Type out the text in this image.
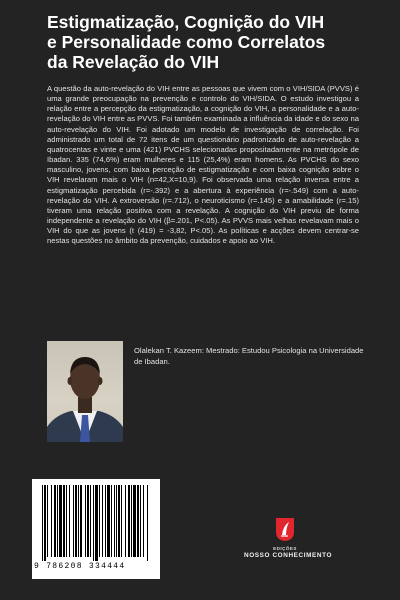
Estigmatização, Cognição do VIH
e Personalidade como Correlatos
da Revelação do VIH

A questão da auto-revelação do VIH entre as pessoas que vivem com o VIH/SIDA (PVVS) é uma grande preocupação na prevenção e controlo do VIH/SIDA. O estudo investigou a relação entre a percepção da estigmatização, a cognição do VIH, a personalidade e a auto-revelação do VIH entre as PVVS. Foi também examinada a influência da idade e do sexo na auto-revelação do VIH. Foi adotado um modelo de investigação de correlação. Foi administrado um total de 72 itens de um questionário padronizado de auto-revelação a quatrocentas e vinte e uma (421) PVCHS selecionadas propositadamente na metrópole de Ibadan. 335 (74,6%) eram mulheres e 115 (25,4%) eram homens. As PVCHS do sexo masculino, jovens, com baixa perceção de estigmatização e com baixa cognição sobre o VIH revelaram mais o VIH (n=42,X=10,9). Foi observada uma relação inversa entre a estigmatização percebida (r=-.392) e a abertura à experiência (r=-.549) com a auto-revelação do VIH. A extroversão (r=.712), o neuroticismo (r=.145) e a amabilidade (r=.15) tiveram uma relação positiva com a revelação. A cognição do VIH previu de forma independente a revelação do VIH (β=.201, P<.05). As PVVS mais velhas revelavam mais o VIH do que as jovens (t (419) = -3,82, P<.05). As políticas e acções devem centrar-se nestas questões no âmbito da prevenção, cuidados e apoio ao VIH.

Olalekan T. Kazeem: Mestrado: Estudou Psicologia na Universidade de Ibadan.

9 786208 334444
EDIÇÕES
NOSSO CONHECIMENTO
